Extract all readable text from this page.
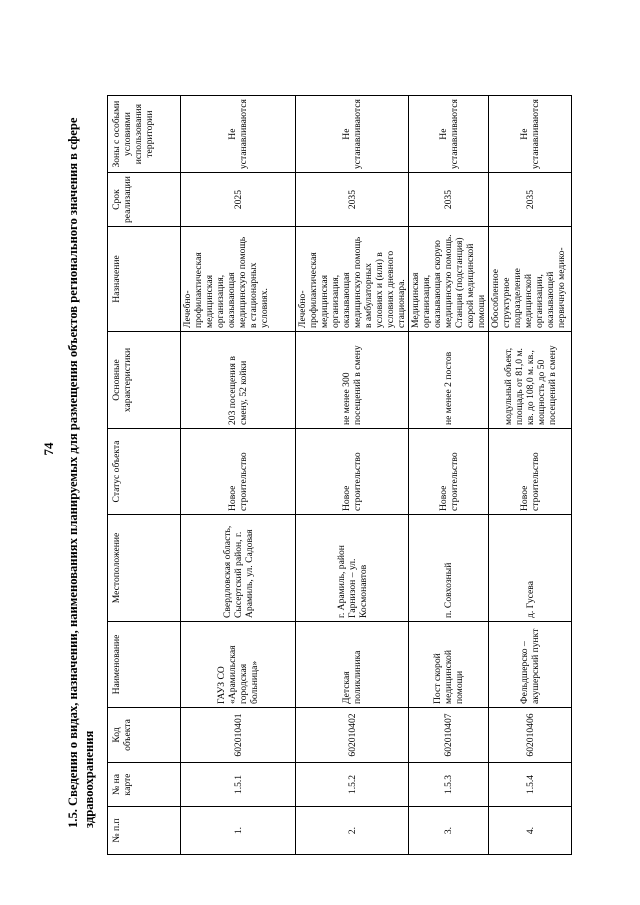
74 1.5. Сведения о видах, назначении, наименованиях планируемых для размещения объектов регионального значения в сфере здравоохранения
№ п.п	№ на карте	Код объекта	Наименование	Местоположение	Статус объекта	Основные характеристики	Назначение	Срок реализации	Зоны с особыми условиями использования территории
1.	1.5.1	602010401	ГАУЗ СО «Арамильская городская больница»	Свердловская область, Сысертский район, г. Арамиль, ул. Садовая	Новое строительство	203 посещения в смену, 52 койки	Лечебно-профилактическая медицинская организация, оказывающая медицинскую помощь в стационарных условиях.	2025	Не устанавливаются
2.	1.5.2	602010402	Детская поликлиника	г. Арамиль, район Гарнизон – ул. Космонавтов	Новое строительство	не менее 300 посещений в смену	Лечебно-профилактическая медицинская организация, оказывающая медицинскую помощь в амбулаторных условиях и (или) в условиях дневного стационара.	2035	Не устанавливаются
3.	1.5.3	602010407	Пост скорой медицинской помощи	п. Совхозный	Новое строительство	не менее 2 постов	Медицинская организация, оказывающая скорую медицинскую помощь. Станция (подстанция) скорой медицинской помощи	2035	Не устанавливаются
4.	1.5.4	602010406	Фельдшерско – акушерский пункт	д. Гусева	Новое строительство	модульный объект, площадь от 81,0 м. кв. до 108,0 м. кв., мощность до 50 посещений в смену	Обособленное структурное подразделение медицинской организации, оказывающей первичную медико-	2035	Не устанавливаются
